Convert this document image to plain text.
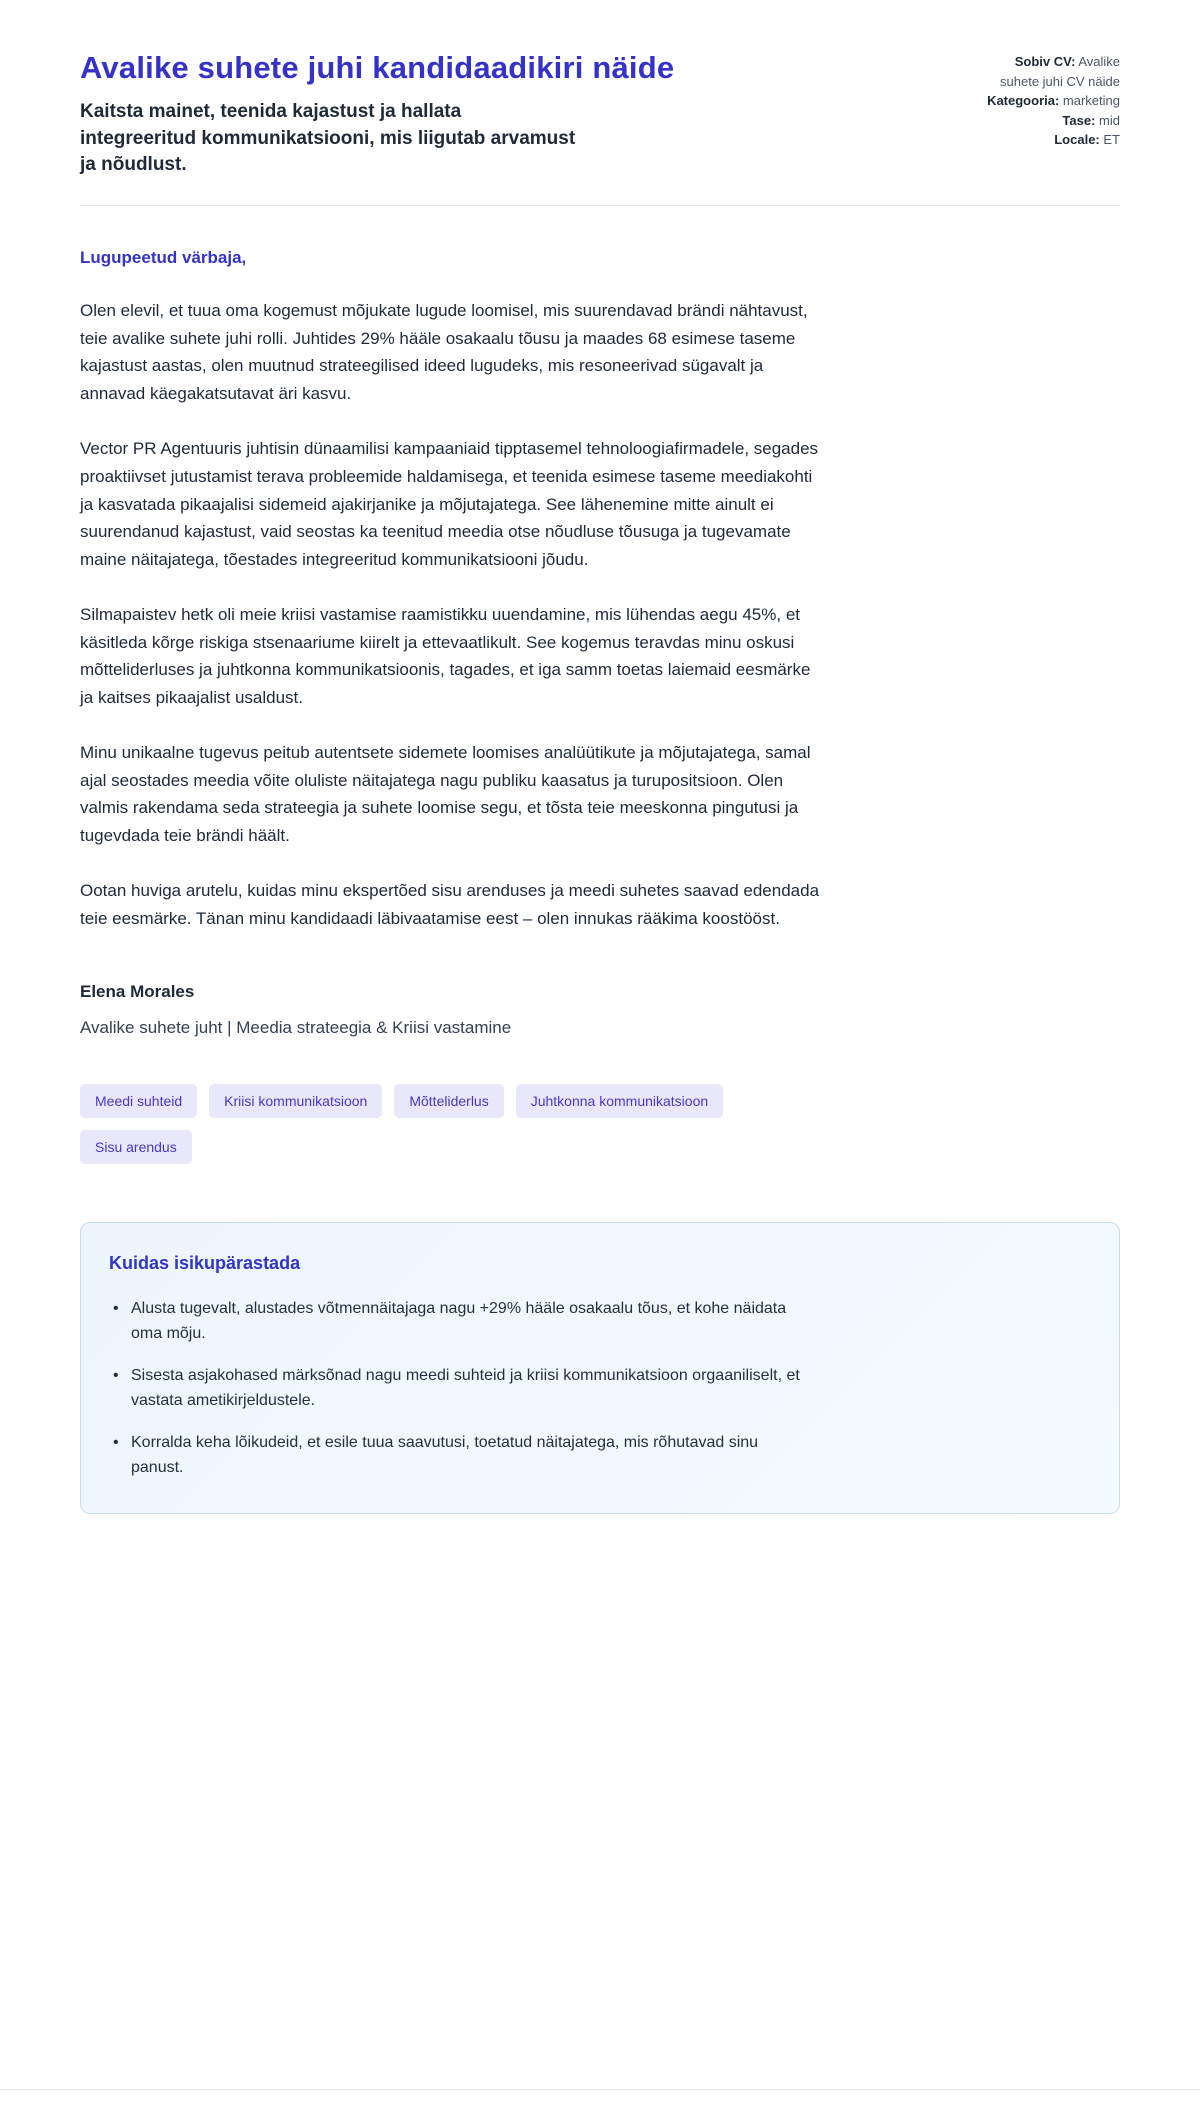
Avalike suhete juhi kandidaadikiri näide

Kaitsta mainet, teenida kajastust ja hallata integreeritud kommunikatsiooni, mis liigutab arvamust ja nõudlust.

Sobiv CV: Avalike suhete juhi CV näide
Kategooria: marketing
Tase: mid
Locale: ET

Lugupeetud värbaja,

Olen elevil, et tuua oma kogemust mõjukate lugude loomisel, mis suurendavad brändi nähtavust, teie avalike suhete juhi rolli. Juhtides 29% hääle osakaalu tõusu ja maades 68 esimese taseme kajastust aastas, olen muutnud strateegilised ideed lugudeks, mis resoneerivad sügavalt ja annavad käegakatsutavat äri kasvu.

Vector PR Agentuuris juhtisin dünaamilisi kampaaniaid tipptasemel tehnoloogiafirmadele, segades proaktiivset jutustamist terava probleemide haldamisega, et teenida esimese taseme meediakohti ja kasvatada pikaajalisi sidemeid ajakirjanike ja mõjutajatega. See lähenemine mitte ainult ei suurendanud kajastust, vaid seostas ka teenitud meedia otse nõudluse tõusuga ja tugevamate maine näitajatega, tõestades integreeritud kommunikatsiooni jõudu.

Silmapaistev hetk oli meie kriisi vastamise raamistikku uuendamine, mis lühendas aegu 45%, et käsitleda kõrge riskiga stsenaariume kiirelt ja ettevaatlikult. See kogemus teravdas minu oskusi mõtteliderluses ja juhtkonna kommunikatsioonis, tagades, et iga samm toetas laiemaid eesmärke ja kaitses pikaajalist usaldust.

Minu unikaalne tugevus peitub autentsete sidemete loomises analüütikute ja mõjutajatega, samal ajal seostades meedia võite oluliste näitajatega nagu publiku kaasatus ja turupositsioon. Olen valmis rakendama seda strateegia ja suhete loomise segu, et tõsta teie meeskonna pingutusi ja tugevdada teie brändi häält.

Ootan huviga arutelu, kuidas minu ekspertõed sisu arenduses ja meedi suhetes saavad edendada teie eesmärke. Tänan minu kandidaadi läbivaatamise eest – olen innukas rääkima koostööst.

Elena Morales

Avalike suhete juht | Meedia strateegia & Kriisi vastamine

Meedi suhteid	Kriisi kommunikatsioon	Mõtteliderlus	Juhtkonna kommunikatsioon
Sisu arendus
Kuidas isikupärastada
• Alusta tugevalt, alustades võtmennäitajaga nagu +29% hääle osakaalu tõus, et kohe näidata oma mõju.
• Sisesta asjakohased märksõnad nagu meedi suhteid ja kriisi kommunikatsioon orgaaniliselt, et vastata ametikirjeldustele.
• Korralda keha lõikudeid, et esile tuua saavutusi, toetatud näitajatega, mis rõhutavad sinu panust.
